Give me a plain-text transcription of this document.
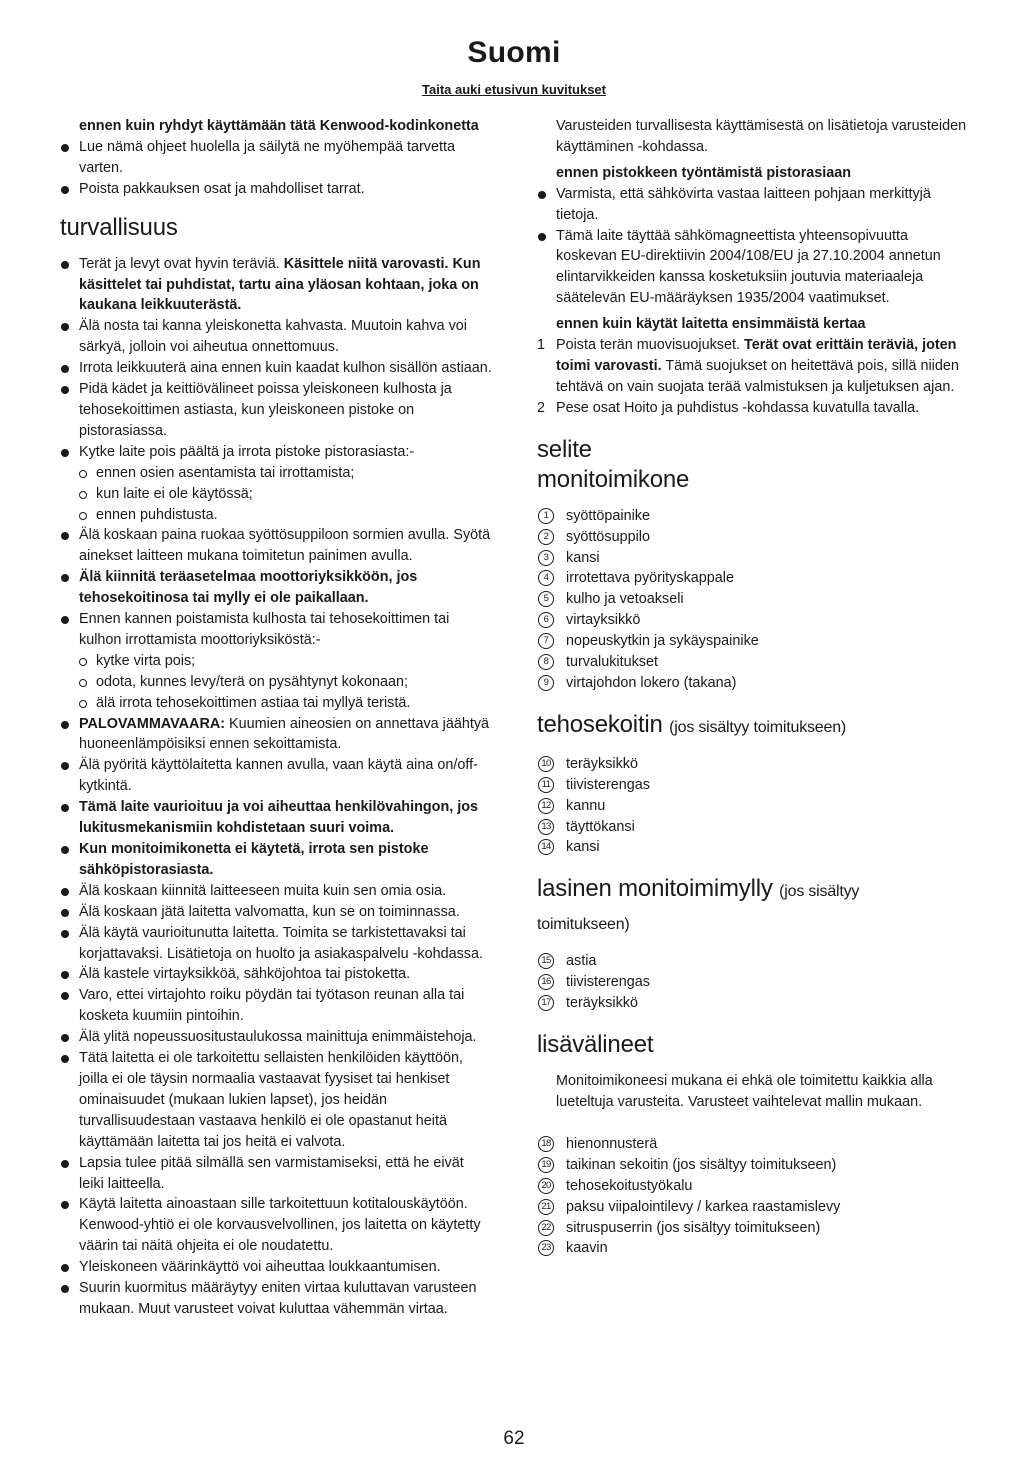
Suomi
Taita auki etusivun kuvitukset

ennen kuin ryhdyt käyttämään tätä Kenwood-kodinkonetta

Lue nämä ohjeet huolella ja säilytä ne myöhempää tarvetta varten.

Poista pakkauksen osat ja mahdolliset tarrat.

turvallisuus

Terät ja levyt ovat hyvin teräviä. Käsittele niitä varovasti. Kun käsittelet tai puhdistat, tartu aina yläosan kohtaan, joka on kaukana leikkuuterästä.

Älä nosta tai kanna yleiskonetta kahvasta. Muutoin kahva voi särkyä, jolloin voi aiheutua onnettomuus.

Irrota leikkuuterä aina ennen kuin kaadat kulhon sisällön astiaan.

Pidä kädet ja keittiövälineet poissa yleiskoneen kulhosta ja tehosekoittimen astiasta, kun yleiskoneen pistoke on pistorasiassa.

Kytke laite pois päältä ja irrota pistoke pistorasiasta:-

ennen osien asentamista tai irrottamista;

kun laite ei ole käytössä;

ennen puhdistusta.

Älä koskaan paina ruokaa syöttösuppiloon sormien avulla. Syötä ainekset laitteen mukana toimitetun painimen avulla.

Älä kiinnitä teräasetelmaa moottoriyksikköön, jos tehosekoitinosa tai mylly ei ole paikallaan.

Ennen kannen poistamista kulhosta tai tehosekoittimen tai kulhon irrottamista moottoriyksiköstä:-

kytke virta pois;

odota, kunnes levy/terä on pysähtynyt kokonaan;

älä irrota tehosekoittimen astiaa tai myllyä teristä.

PALOVAMMAVAARA: Kuumien aineosien on annettava jäähtyä huoneenlämpöisiksi ennen sekoittamista.

Älä pyöritä käyttölaitetta kannen avulla, vaan käytä aina on/off-kytkintä.

Tämä laite vaurioituu ja voi aiheuttaa henkilövahingon, jos lukitusmekanismiin kohdistetaan suuri voima.

Kun monitoimikonetta ei käytetä, irrota sen pistoke sähköpistorasiasta.

Älä koskaan kiinnitä laitteeseen muita kuin sen omia osia.

Älä koskaan jätä laitetta valvomatta, kun se on toiminnassa.

Älä käytä vaurioitunutta laitetta. Toimita se tarkistettavaksi tai korjattavaksi. Lisätietoja on huolto ja asiakaspalvelu -kohdassa.

Älä kastele virtayksikköä, sähköjohtoa tai pistoketta.

Varo, ettei virtajohto roiku pöydän tai työtason reunan alla tai kosketa kuumiin pintoihin.

Älä ylitä nopeussuositustaulukossa mainittuja enimmäistehoja.

Tätä laitetta ei ole tarkoitettu sellaisten henkilöiden käyttöön, joilla ei ole täysin normaalia vastaavat fyysiset tai henkiset ominaisuudet (mukaan lukien lapset), jos heidän turvallisuudestaan vastaava henkilö ei ole opastanut heitä käyttämään laitetta tai jos heitä ei valvota.

Lapsia tulee pitää silmällä sen varmistamiseksi, että he eivät leiki laitteella.

Käytä laitetta ainoastaan sille tarkoitettuun kotitalouskäytöön. Kenwood-yhtiö ei ole korvausvelvollinen, jos laitetta on käytetty väärin tai näitä ohjeita ei ole noudatettu.

Yleiskoneen väärinkäyttö voi aiheuttaa loukkaantumisen.

Suurin kuormitus määräytyy eniten virtaa kuluttavan varusteen mukaan. Muut varusteet voivat kuluttaa vähemmän virtaa.

Varusteiden turvallisesta käyttämisestä on lisätietoja varusteiden käyttäminen -kohdassa.

ennen pistokkeen työntämistä pistorasiaan

Varmista, että sähkövirta vastaa laitteen pohjaan merkittyjä tietoja.

Tämä laite täyttää sähkömagneettista yhteensopivuutta koskevan EU-direktiivin 2004/108/EU ja 27.10.2004 annetun elintarvikkeiden kanssa kosketuksiin joutuvia materiaaleja säätelevän EU-määräyksen 1935/2004 vaatimukset.

ennen kuin käytät laitetta ensimmäistä kertaa

1 Poista terän muovisuojukset. Terät ovat erittäin teräviä, joten toimi varovasti. Tämä suojukset on heitettävä pois, sillä niiden tehtävä on vain suojata terää valmistuksen ja kuljetuksen ajan.

2 Pese osat Hoito ja puhdistus -kohdassa kuvatulla tavalla.

selite
monitoimikone
1	syöttöpainike
2	syöttösuppilo
3	kansi
4	irrotettava pyörityskappale
5	kulho ja vetoakseli
6	virtayksikkö
7	nopeuskytkin ja sykäyspainike
8	turvalukitukset
9	virtajohdon lokero (takana)
tehosekoitin (jos sisältyy toimitukseen)
10 teräyksikkö
11 tiivisterengas
12 kannu
13 täyttökansi
14 kansi
lasinen monitoimimylly (jos sisältyy
toimitukseen)
15 astia
16 tiivisterengas
17 teräyksikkö
lisävälineet

Monitoimikoneesi mukana ei ehkä ole toimitettu kaikkia alla lueteltuja varusteita. Varusteet vaihtelevat mallin mukaan.

18 hienonnusterä
19 taikinan sekoitin (jos sisältyy toimitukseen)
20 tehosekoitustyökalu
21 paksu viipalointilevy / karkea raastamislevy
22 sitruspuserrin (jos sisältyy toimitukseen)
23 kaavin
62
